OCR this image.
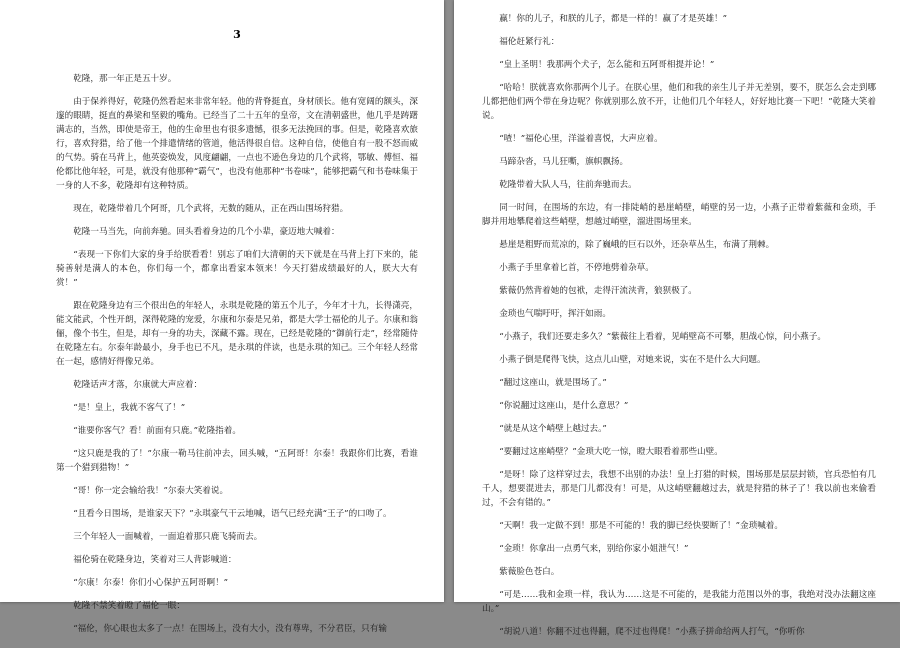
3

乾隆，那一年正是五十岁。

由于保养得好，乾隆仍然看起来非常年轻。他的背脊挺直，身材颀长。他有宽阔的额头，深邃的眼睛，挺直的鼻梁和坚毅的嘴角。已经当了二十五年的皇帝，文在清朝盛世，他几乎是踌躇满志的，当然，即使是帝王，他的生命里也有很多遗憾，很多无法挽回的事。但是，乾隆喜欢旅行，喜欢狩猎，给了他一个排遣情绪的管道，他活得很自信。这种自信，使他自有一股不怒而威的气势。骑在马背上，他英姿焕发，风度翩翩，一点也不逊色身边的几个武将，鄂敏、傅恒、福伦都比他年轻，可是，就没有他那种“霸气”，也没有他那种“书卷味”，能够把霸气和书卷味集于一身的人不多，乾隆却有这种特质。

现在，乾隆带着几个阿哥，几个武将，无数的随从，正在西山围场狩猎。

乾隆一马当先，向前奔驰。回头看着身边的几个小辈，豪迈地大喊着：

“表现一下你们大家的身手给朕看看！别忘了咱们大清朝的天下就是在马背上打下来的，能骑善射是满人的本色，你们每一个，都拿出看家本领来！今天打猎成绩最好的人，朕大大有赏！”

跟在乾隆身边有三个很出色的年轻人，永琪是乾隆的第五个儿子，今年才十九，长得潇亮，能文能武，个性开朗，深得乾隆的宠爱，尔康和尔泰是兄弟，都是大学士福伦的儿子。尔康和翁俪，像个书生，但是，却有一身的功夫，深藏不露。现在，已经是乾隆的“御前行走”，经常随侍在乾隆左右。尔泰年龄最小，身手也已不凡，是永琪的伴读，也是永琪的知己。三个年轻人经常在一起，感情好得像兄弟。

乾隆话声才落，尔康就大声应着：

“是！皇上，我就不客气了！”

“谁要你客气？看！前面有只鹿。”乾隆指着。

“这只鹿是我的了！”尔康一勒马往前冲去，回头喊，“五阿哥！尔泰！我跟你们比赛，看谁第一个猎到猎物！”

“哥！你一定会输给我！”尔泰大笑着说。

“且看今日围场，是谁家天下？”永琪豪气干云地喊，语气已经充满“王子”的口吻了。

三个年轻人一面喊着，一面追着那只鹿飞骑而去。

福伦骑在乾隆身边，笑着对三人背影喊道：

“尔康！尔泰！你们小心保护五阿哥啊！”

乾隆不禁笑着瞪了福伦一眼：

“福伦，你心眼也太多了一点！在围场上，没有大小，没有尊卑，不分君臣，只有输

赢！你的儿子，和朕的儿子，都是一样的！赢了才是英雄！”

福伦赶紧行礼：

“皇上圣明！我那两个犬子，怎么能和五阿哥相提并论！”

“哈哈！朕就喜欢你那两个儿子。在朕心里，他们和我的亲生儿子并无差别，要不，朕怎么会走到哪儿都把他们两个带在身边呢？你就别那么放不开，让他们几个年轻人，好好地比赛一下吧！”乾隆大笑着说。

“喳！”福伦心里，洋溢着喜悦，大声应着。

马蹄杂沓，马儿狂嘶，旗帜飘扬。

乾隆带着大队人马，往前奔驰而去。

同一时间，在围场的东边，有一排陡峭的悬崖峭壁，峭壁的另一边，小燕子正带着紫薇和金琐，手脚并用地攀爬着这些峭壁，想越过峭壁，溜进围场里来。

悬崖是粗野而荒凉的，除了巍峨的巨石以外，还杂草丛生，布满了荆棘。

小燕子手里拿着匕首，不停地劈着杂草。

紫薇仍然背着她的包袱，走得汗流浃背，狼狈极了。

金琐也气喘吁吁，挥汗如雨。

“小燕子，我们还要走多久？”紫薇往上看着，见峭壁高不可攀，胆战心惊，问小燕子。

小燕子倒是爬得飞快，这点儿山壁，对她来说，实在不是什么大问题。

“翻过这座山，就是围场了。”

“你说翻过这座山，是什么意思？”

“就是从这个峭壁上越过去。”

“要翻过这座峭壁？”金琐大吃一惊，瞪大眼看着那些山壁。

“是呀！除了这样穿过去，我想不出别的办法！皇上打猎的时候，围场那是层层封锁，官兵恐怕有几千人，想要混进去，那是门儿都没有！可是，从这峭壁翻越过去，就是狩猎的林子了！我以前也来偷看过，不会有错的。”

“天啊！我一定做不到！那是不可能的！我的脚已经快要断了！”金琐喊着。

“金琐！你拿出一点勇气来，别给你家小姐泄气！”

紫薇脸色苍白。

“可是……我和金琐一样，我认为……这是不可能的，是我能力范围以外的事，我绝对没办法翻这座山。”

“胡说八道！你翻不过也得翻，爬不过也得爬！”小燕子拼命给两人打气，“你听你
